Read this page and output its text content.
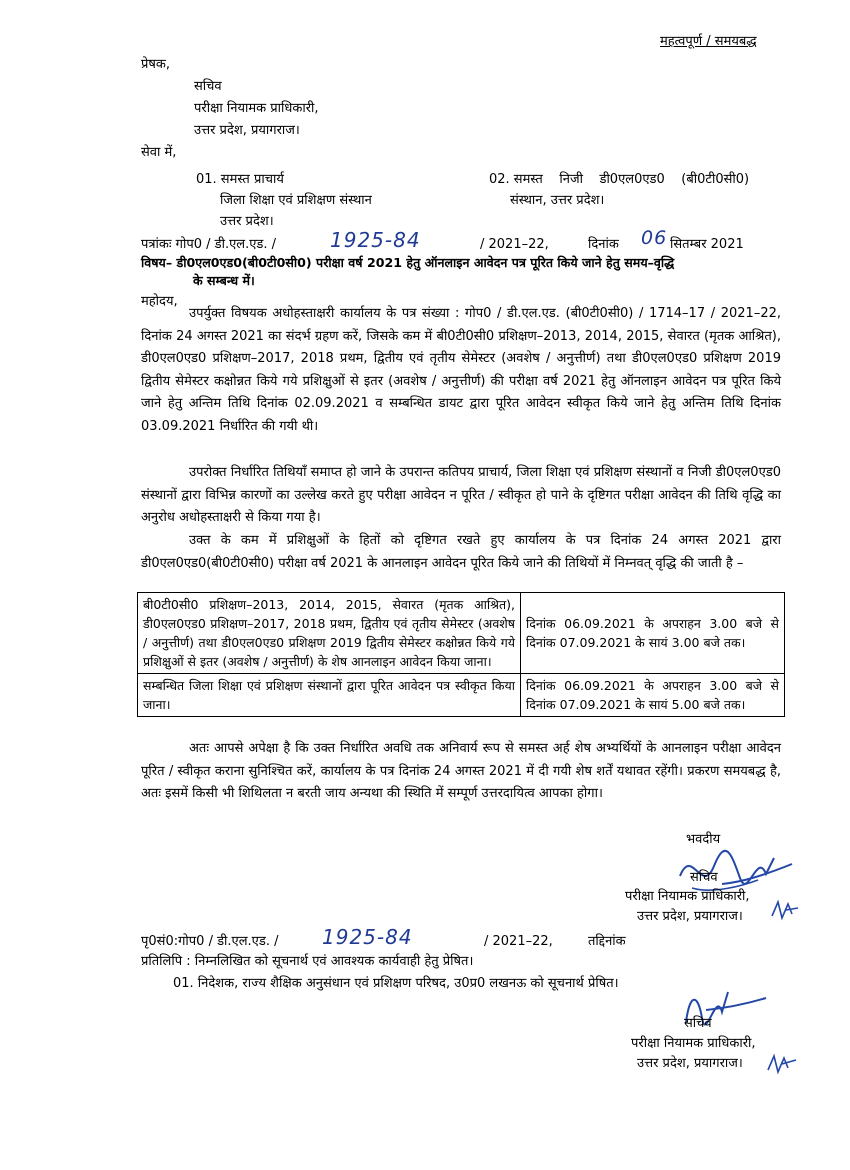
महत्वपूर्ण / समयबद्ध
प्रेषक,
सचिव
परीक्षा नियामक प्राधिकारी,
उत्तर प्रदेश, प्रयागराज।
सेवा में,
01. समस्त प्राचार्य
जिला शिक्षा एवं प्रशिक्षण संस्थान
उत्तर प्रदेश।
02. समस्त    निजी    डी0एल0एड0    (बी0टी0सी0)
संस्थान, उत्तर प्रदेश।
पत्रांकः गोप0 / डी.एल.एड. /	1925-84	/ 2021–22,	दिनांक 06 सितम्बर 2021
विषय– डी0एल0एड0(बी0टी0सी0) परीक्षा वर्ष 2021 हेतु ऑनलाइन आवेदन पत्र पूरित किये जाने हेतु समय–वृद्धि
के सम्बन्ध में।
महोदय,
उपर्युक्त विषयक अधोहस्ताक्षरी कार्यालय के पत्र संख्या : गोप0 / डी.एल.एड. (बी0टी0सी0) / 1714–17 / 2021–22, दिनांक 24 अगस्त 2021 का संदर्भ ग्रहण करें, जिसके कम में बी0टी0सी0 प्रशिक्षण–2013, 2014, 2015, सेवारत (मृतक आश्रित), डी0एल0एड0 प्रशिक्षण–2017, 2018 प्रथम, द्वितीय एवं तृतीय सेमेस्टर (अवशेष / अनुत्तीर्ण) तथा डी0एल0एड0 प्रशिक्षण 2019 द्वितीय सेमेस्टर कक्षोन्नत किये गये प्रशिक्षुओं से इतर (अवशेष / अनुत्तीर्ण) की परीक्षा वर्ष 2021 हेतु ऑनलाइन आवेदन पत्र पूरित किये जाने हेतु अन्तिम तिथि दिनांक 02.09.2021 व सम्बन्धित डायट द्वारा पूरित आवेदन स्वीकृत किये जाने हेतु अन्तिम तिथि दिनांक 03.09.2021 निर्धारित की गयी थी।
उपरोक्त निर्धारित तिथियाँ समाप्त हो जाने के उपरान्त कतिपय प्राचार्य, जिला शिक्षा एवं प्रशिक्षण संस्थानों व निजी डी0एल0एड0 संस्थानों द्वारा विभिन्न कारणों का उल्लेख करते हुए परीक्षा आवेदन न पूरित / स्वीकृत हो पाने के दृष्टिगत परीक्षा आवेदन की तिथि वृद्धि का अनुरोध अधोहस्ताक्षरी से किया गया है।
उक्त के कम में प्रशिक्षुओं के हितों को दृष्टिगत रखते हुए कार्यालय के पत्र दिनांक 24 अगस्त 2021 द्वारा डी0एल0एड0(बी0टी0सी0) परीक्षा वर्ष 2021 के आनलाइन आवेदन पूरित किये जाने की तिथियों में निम्नवत् वृद्धि की जाती है –
बी0टी0सी0 प्रशिक्षण–2013, 2014, 2015, सेवारत (मृतक आश्रित), डी0एल0एड0 प्रशिक्षण–2017, 2018 प्रथम, द्वितीय एवं तृतीय सेमेस्टर (अवशेष / अनुत्तीर्ण) तथा डी0एल0एड0 प्रशिक्षण 2019 द्वितीय सेमेस्टर कक्षोन्नत किये गये प्रशिक्षुओं से इतर (अवशेष / अनुत्तीर्ण) के शेष आनलाइन आवेदन किया जाना।	दिनांक 06.09.2021 के अपराहन 3.00 बजे से दिनांक 07.09.2021 के सायं 3.00 बजे तक।
सम्बन्धित जिला शिक्षा एवं प्रशिक्षण संस्थानों द्वारा पूरित आवेदन पत्र स्वीकृत किया जाना।	दिनांक 06.09.2021 के अपराहन 3.00 बजे से दिनांक 07.09.2021 के सायं 5.00 बजे तक।
अतः आपसे अपेक्षा है कि उक्त निर्धारित अवधि तक अनिवार्य रूप से समस्त अर्ह शेष अभ्यर्थियों के आनलाइन परीक्षा आवेदन पूरित / स्वीकृत कराना सुनिश्चित करें, कार्यालय के पत्र दिनांक 24 अगस्त 2021 में दी गयी शेष शर्तें यथावत रहेंगी। प्रकरण समयबद्ध है, अतः इसमें किसी भी शिथिलता न बरती जाय अन्यथा की स्थिति में सम्पूर्ण उत्तरदायित्व आपका होगा।
भवदीय
सचिव
परीक्षा नियामक प्राधिकारी,
उत्तर प्रदेश, प्रयागराज।
पृ0सं0:गोप0 / डी.एल.एड. / 1925-84	/ 2021–22,	तद्दिनांक
प्रतिलिपि : निम्नलिखित को सूचनार्थ एवं आवश्यक कार्यवाही हेतु प्रेषित।
01. निदेशक, राज्य शैक्षिक अनुसंधान एवं प्रशिक्षण परिषद, उ0प्र0 लखनऊ को सूचनार्थ प्रेषित।
सचिव
परीक्षा नियामक प्राधिकारी,
उत्तर प्रदेश, प्रयागराज।
